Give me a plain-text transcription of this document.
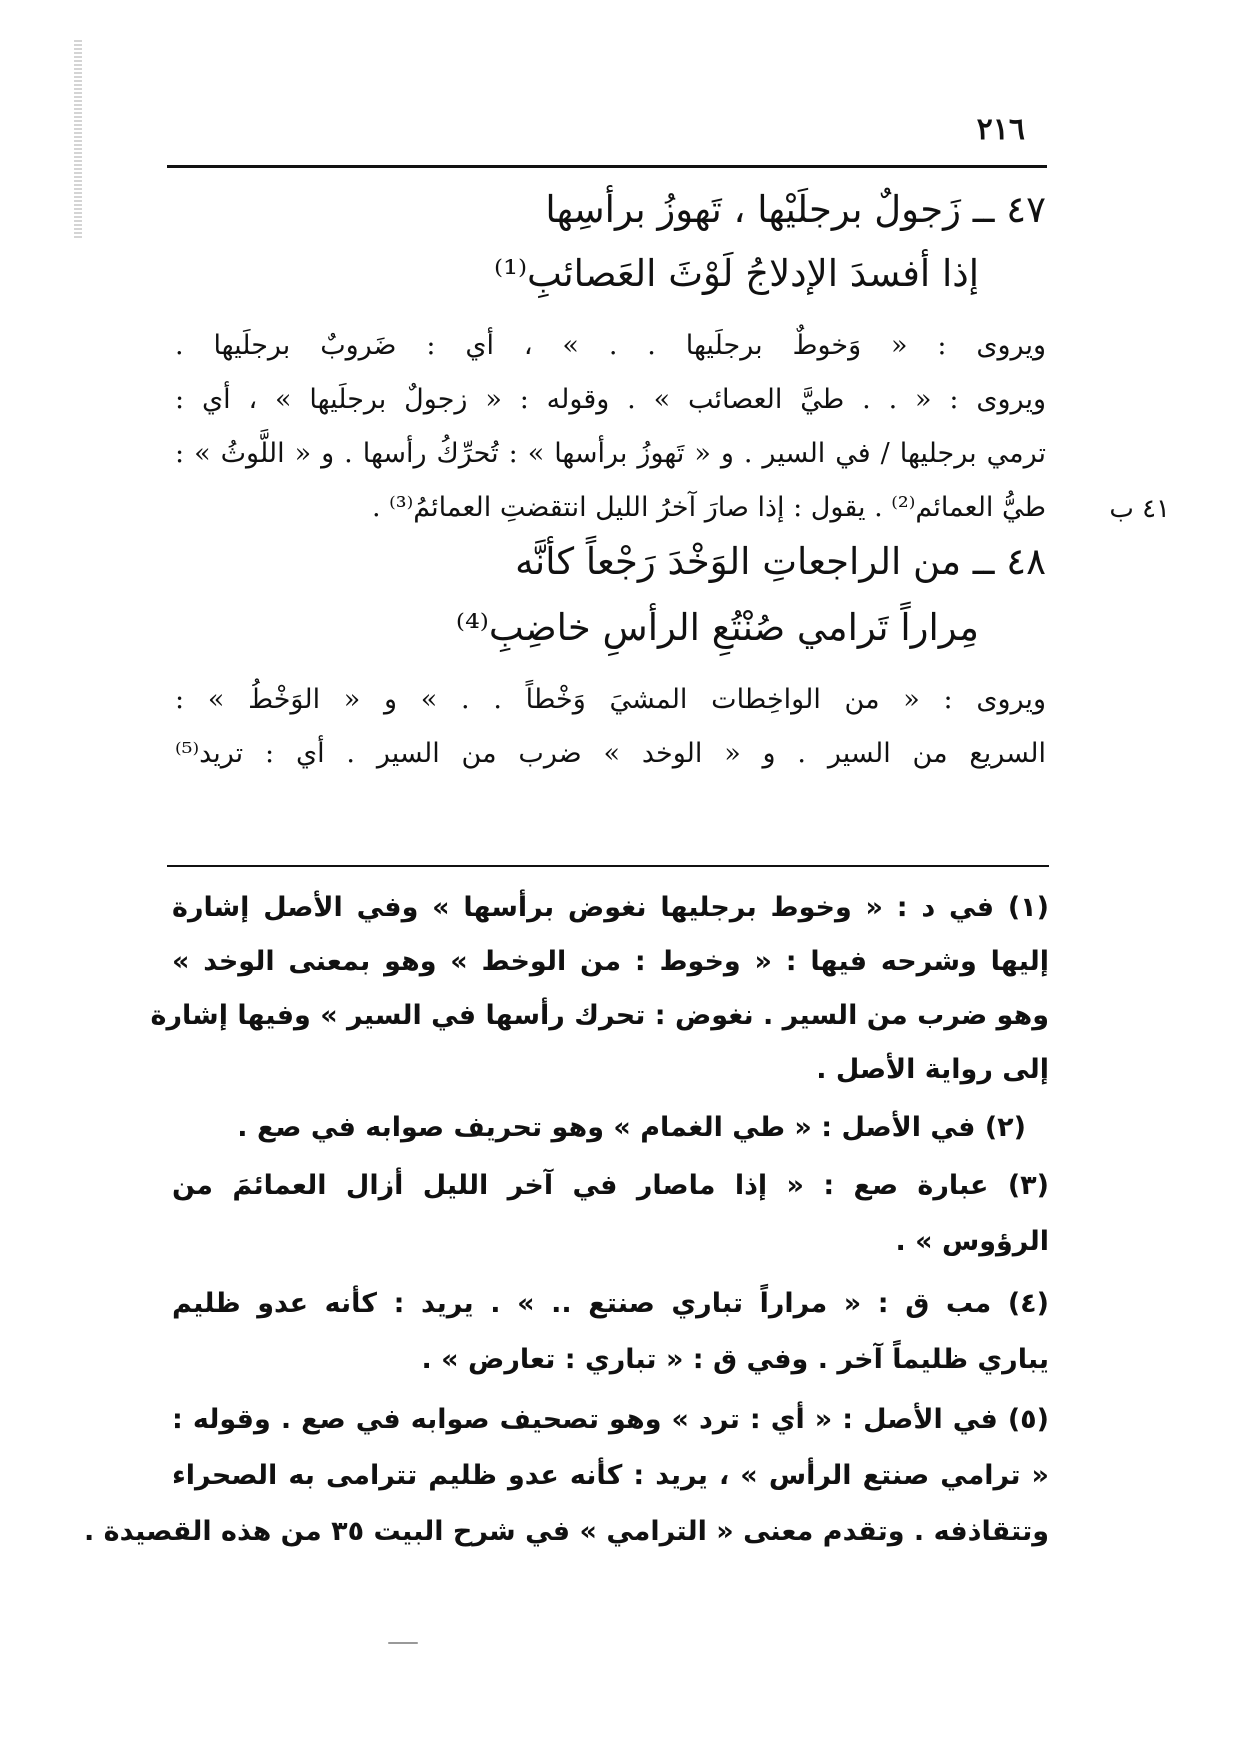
٢١٦
٤٧ ــ زَجولٌ برجلَيْها ، تَهوزُ برأسِها
إذا أفسدَ الإدلاجُ لَوْثَ العَصائبِ⁽¹⁾
ويروى : « وَخوطٌ برجلَيها . . » ، أي : ضَروبٌ برجلَيها .
ويروى : « . . طيَّ العصائب » . وقوله : « زجولٌ برجلَيها » ، أي :
ترمي برجليها / في السير . و « تَهوزُ برأسها » : تُحرِّكُ رأسها . و « اللَّوثُ » :
طيُّ العمائم⁽²⁾ . يقول : إذا صارَ آخرُ الليل انتقضتِ العمائمُ⁽³⁾ .
٤٨ ــ من الراجعاتِ الوَخْدَ رَجْعاً كأنَّه
مِراراً تَرامي صُنْتُعِ الرأسِ خاضِبِ⁽⁴⁾
ويروى : « من الواخِطات المشيَ وَخْطاً . . » و « الوَخْطُ » :
السريع من السير . و « الوخد » ضرب من السير . أي : تريد⁽⁵⁾
٤١ ب
(١) في د : « وخوط برجليها نغوض برأسها » وفي الأصل إشارة
إليها وشرحه فيها : « وخوط : من الوخط » وهو بمعنى الوخد »
وهو ضرب من السير . نغوض : تحرك رأسها في السير » وفيها إشارة
إلى رواية الأصل .
(٢) في الأصل : « طي الغمام » وهو تحريف صوابه في صع .
(٣) عبارة صع : « إذا ماصار في آخر الليل أزال العمائمَ من
الرؤوس » .
(٤) مب ق : « مراراً تباري صنتع .. » . يريد : كأنه عدو ظليم
يباري ظليماً آخر . وفي ق : « تباري : تعارض » .
(٥) في الأصل : « أي : ترد » وهو تصحيف صوابه في صع . وقوله :
« ترامي صنتع الرأس » ، يريد : كأنه عدو ظليم تترامى به الصحراء
وتتقاذفه . وتقدم معنى « الترامي » في شرح البيت ٣٥ من هذه القصيدة .
